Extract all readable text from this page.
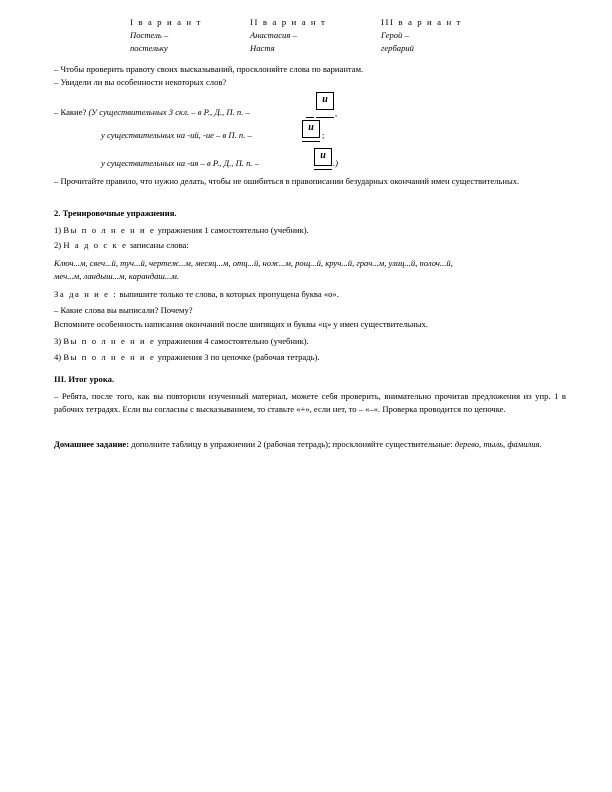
I в а р и а н т	II в а р и а н т	III в а р и а н т
Постель –	Анастасия –	Герой –
постельку	Настя	гербарий
– Чтобы проверить правоту своих высказываний, просклоняйте слова по вариантам.
– Увидели ли вы особенности некоторых слов?
– Какие? (У существительных 3 скл. – в Р., Д., П. п. –
и
,
у существительных на -ий, -ие – в П. п. –
и
;
у существительных на -ия – в Р., Д., П. п. –
и
.)
– Прочитайте правило, что нужно делать, чтобы не ошибиться в правописании безударных окончаний имен существительных.
2. Тренировочные упражнения.
1) Вы п о л н е н и е упражнения 1 самостоятельно (учебник).
2) Н а д о с к е записаны слова:
Ключ...м, свеч...й, туч...й, чертеж...м, месяц...м, отц...й, нож...м, рощ...й, круч...й, грач...м, улиц...й, полоч...й,
меч...м, ландыш...м, карандаш...м.
За да н и е : выпишите только те слова, в которых пропущена буква «о».
– Какие слова вы выписали? Почему?
Вспомните особенность написания окончаний после шипящих и буквы «ц» у имен существительных.
3) Вы п о л н е н и е упражнения 4 самостоятельно (учебник).
4) Вы п о л н е н и е упражнения 3 по цепочке (рабочая тетрадь).
III. Итог урока.
– Ребята, после того, как вы повторили изученный материал, можете себя проверить, внимательно прочитав предложения из упр. 1 в рабочих тетрадях. Если вы согласны с высказыванием, то ставьте «+», если нет, то – «–». Проверка проводится по цепочке.
Домашнее задание: дополните таблицу в упражнении 2 (рабочая тетрадь); просклоняйте существительные: дерево, тыль, фамилия.
